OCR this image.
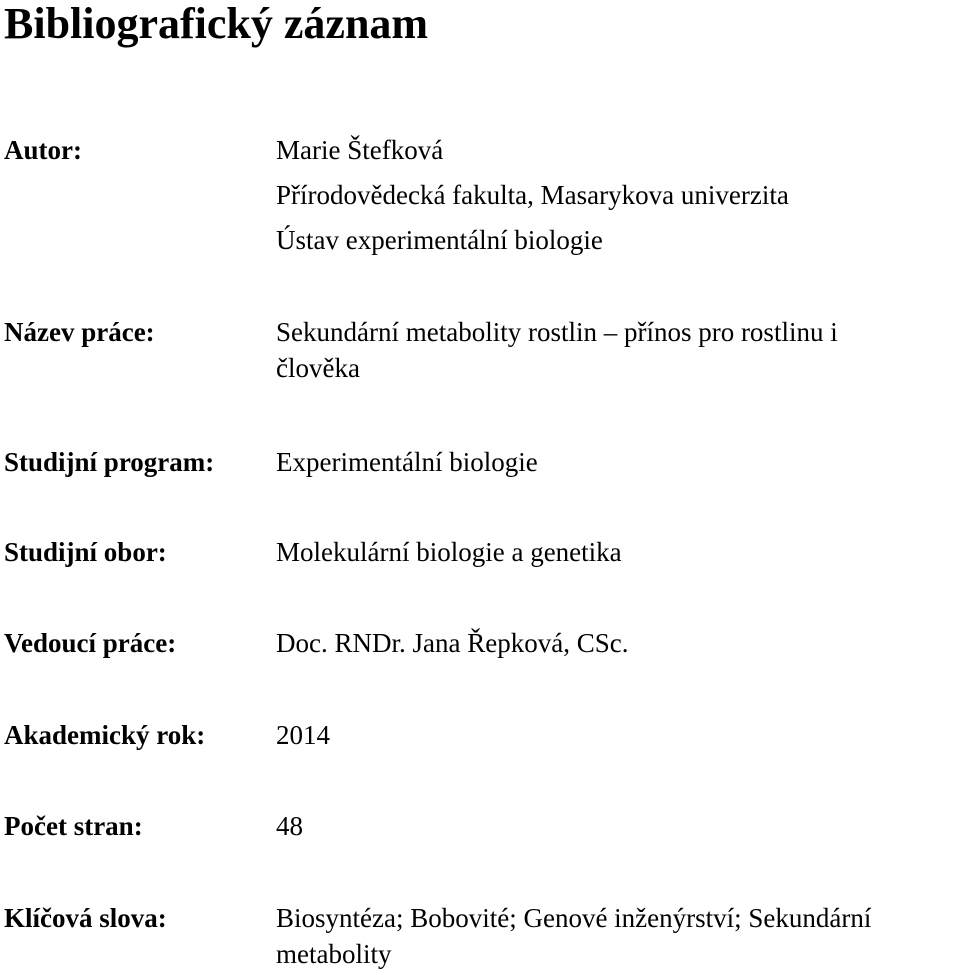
Bibliografický záznam
Autor:	Marie Štefková
Přírodovědecká fakulta, Masarykova univerzita
Ústav experimentální biologie
Název práce:	Sekundární metabolity rostlin – přínos pro rostlinu i
člověka
Studijní program: Experimentální biologie
Studijní obor:	Molekulární biologie a genetika
Vedoucí práce:	Doc. RNDr. Jana Řepková, CSc.
Akademický rok:	2014
Počet stran:	48
Klíčová slova:	Biosyntéza; Bobovité; Genové inženýrství; Sekundární
metabolity
